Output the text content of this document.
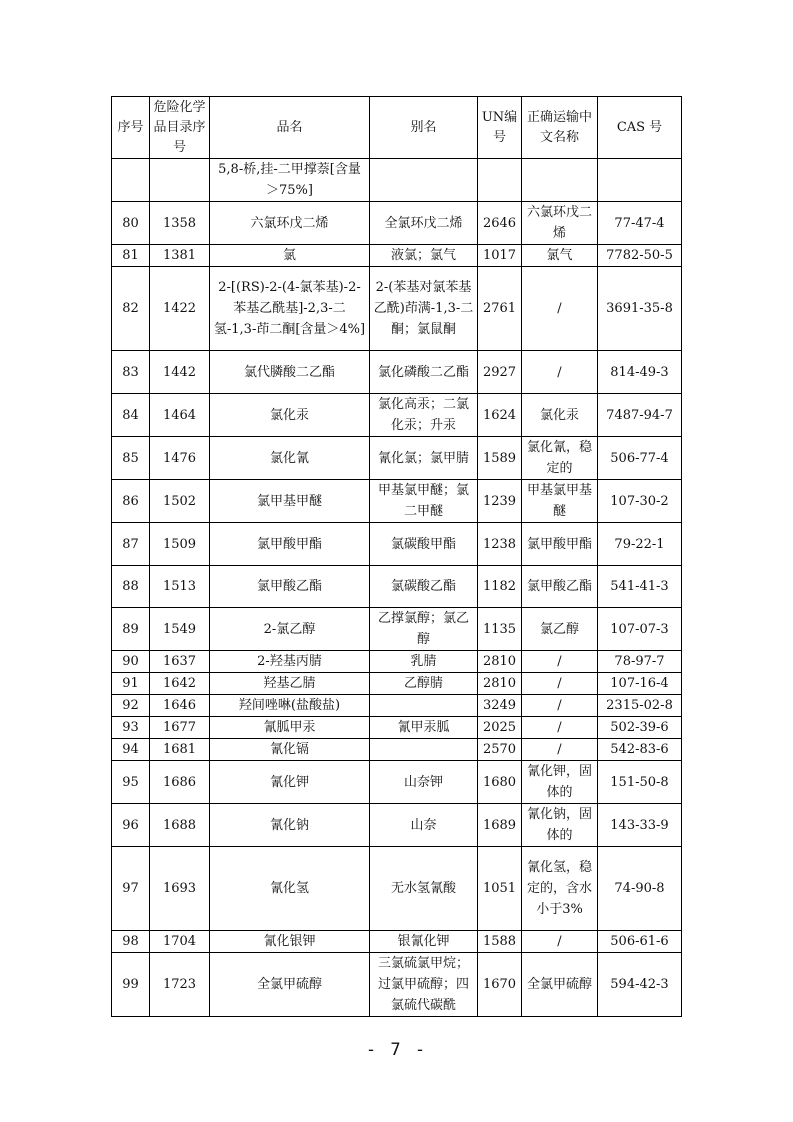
序号	危险化学品目录序号	品名	别名	UN编号	正确运输中文名称	CAS 号
		5,8-桥,挂-二甲撑萘[含量＞75%]				
80	1358	六氯环戊二烯	全氯环戊二烯	2646	六氯环戊二烯	77-47-4
81	1381	氯	液氯；氯气	1017	氯气	7782-50-5
82	1422	2-[(RS)-2-(4-氯苯基)-2-苯基乙酰基]-2,3-二氢-1,3-茚二酮[含量＞4%]	2-(苯基对氯苯基乙酰)茚满-1,3-二酮；氯鼠酮	2761	/	3691-35-8
83	1442	氯代膦酸二乙酯	氯化磷酸二乙酯	2927	/	814-49-3
84	1464	氯化汞	氯化高汞；二氯化汞；升汞	1624	氯化汞	7487-94-7
85	1476	氯化氰	氰化氯；氯甲腈	1589	氯化氰，稳定的	506-77-4
86	1502	氯甲基甲醚	甲基氯甲醚；氯二甲醚	1239	甲基氯甲基醚	107-30-2
87	1509	氯甲酸甲酯	氯碳酸甲酯	1238	氯甲酸甲酯	79-22-1
88	1513	氯甲酸乙酯	氯碳酸乙酯	1182	氯甲酸乙酯	541-41-3
89	1549	2-氯乙醇	乙撑氯醇；氯乙醇	1135	氯乙醇	107-07-3
90	1637	2-羟基丙腈	乳腈	2810	/	78-97-7
91	1642	羟基乙腈	乙醇腈	2810	/	107-16-4
92	1646	羟间唑啉(盐酸盐)		3249	/	2315-02-8
93	1677	氰胍甲汞	氰甲汞胍	2025	/	502-39-6
94	1681	氰化镉		2570	/	542-83-6
95	1686	氰化钾	山奈钾	1680	氰化钾，固体的	151-50-8
96	1688	氰化钠	山奈	1689	氰化钠，固体的	143-33-9
97	1693	氰化氢	无水氢氰酸	1051	氰化氢，稳定的，含水小于3%	74-90-8
98	1704	氰化银钾	银氰化钾	1588	/	506-61-6
99	1723	全氯甲硫醇	三氯硫氯甲烷；过氯甲硫醇；四氯硫代碳酰	1670	全氯甲硫醇	594-42-3
- 7 -
